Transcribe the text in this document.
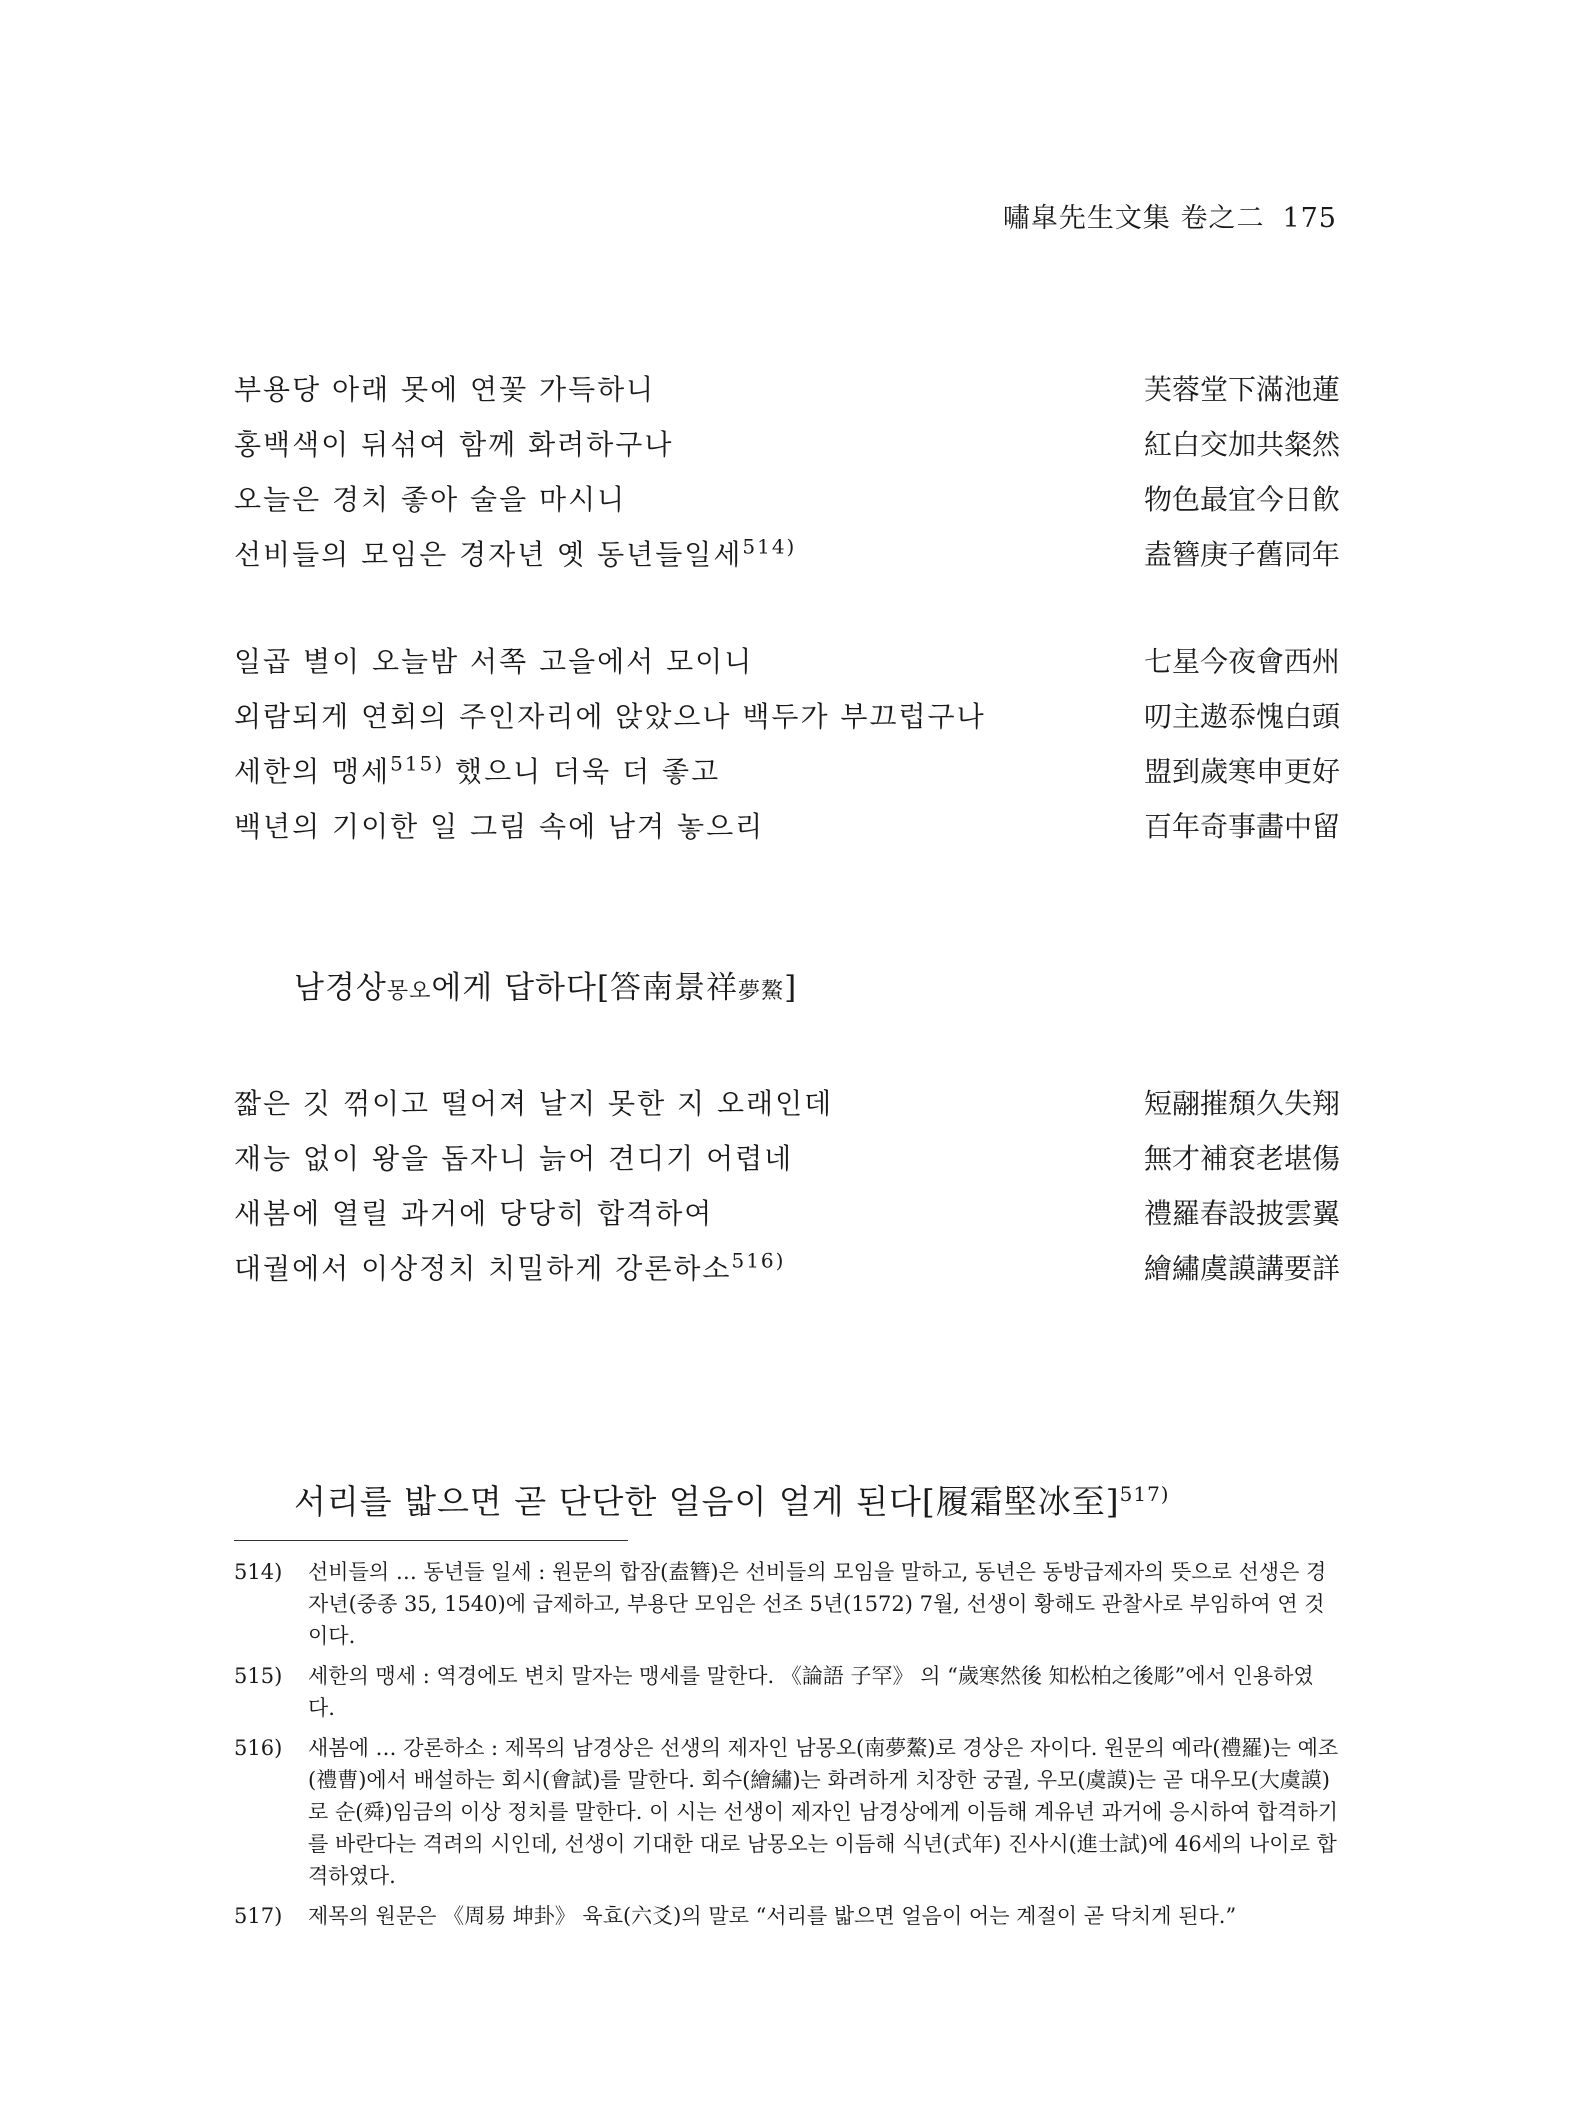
嘯皐先生文集 卷之二 175
부용당 아래 못에 연꽃 가득하니	芙蓉堂下滿池蓮
홍백색이 뒤섞여 함께 화려하구나	紅白交加共粲然
오늘은 경치 좋아 술을 마시니	物色最宜今日飮
선비들의 모임은 경자년 옛 동년들일세$^{514)}$	盍簪庚子舊同年
일곱 별이 오늘밤 서쪽 고을에서 모이니	七星今夜會西州
외람되게 연회의 주인자리에 앉았으나 백두가 부끄럽구나	叨主遨忝愧白頭
세한의 맹세$^{515)}$ 했으니 더욱 더 좋고	盟到歲寒申更好
백년의 기이한 일 그림 속에 남겨 놓으리	百年奇事畵中留
남경상몽오에게 답하다[答南景祥夢鰲]
짧은 깃 꺾이고 떨어져 날지 못한 지 오래인데	短翮摧頹久失翔
재능 없이 왕을 돕자니 늙어 견디기 어렵네	無才補袞老堪傷
새봄에 열릴 과거에 당당히 합격하여	禮羅春設披雲翼
대궐에서 이상정치 치밀하게 강론하소$^{516)}$	繪繡虞謨講要詳
서리를 밟으면 곧 단단한 얼음이 얼게 된다[履霜堅冰至]$^{517)}$
514) 선비들의 … 동년들 일세 : 원문의 합잠(盍簪)은 선비들의 모임을 말하고, 동년은 동방급제자의 뜻으로 선생은 경자년(중종 35, 1540)에 급제하고, 부용단 모임은 선조 5년(1572) 7월, 선생이 황해도 관찰사로 부임하여 연 것이다.
515) 세한의 맹세 : 역경에도 변치 말자는 맹세를 말한다. 《論語 子罕》 의 “歲寒然後 知松柏之後彫”에서 인용하였다.
516) 새봄에 … 강론하소 : 제목의 남경상은 선생의 제자인 남몽오(南夢鰲)로 경상은 자이다. 원문의 예라(禮羅)는 예조(禮曹)에서 배설하는 회시(會試)를 말한다. 회수(繪繡)는 화려하게 치장한 궁궐, 우모(虞謨)는 곧 대우모(大虞謨)로 순(舜)임금의 이상 정치를 말한다. 이 시는 선생이 제자인 남경상에게 이듬해 계유년 과거에 응시하여 합격하기를 바란다는 격려의 시인데, 선생이 기대한 대로 남몽오는 이듬해 식년(式年) 진사시(進士試)에 46세의 나이로 합격하였다.
517) 제목의 원문은 《周易 坤卦》 육효(六爻)의 말로 “서리를 밟으면 얼음이 어는 계절이 곧 닥치게 된다.”
